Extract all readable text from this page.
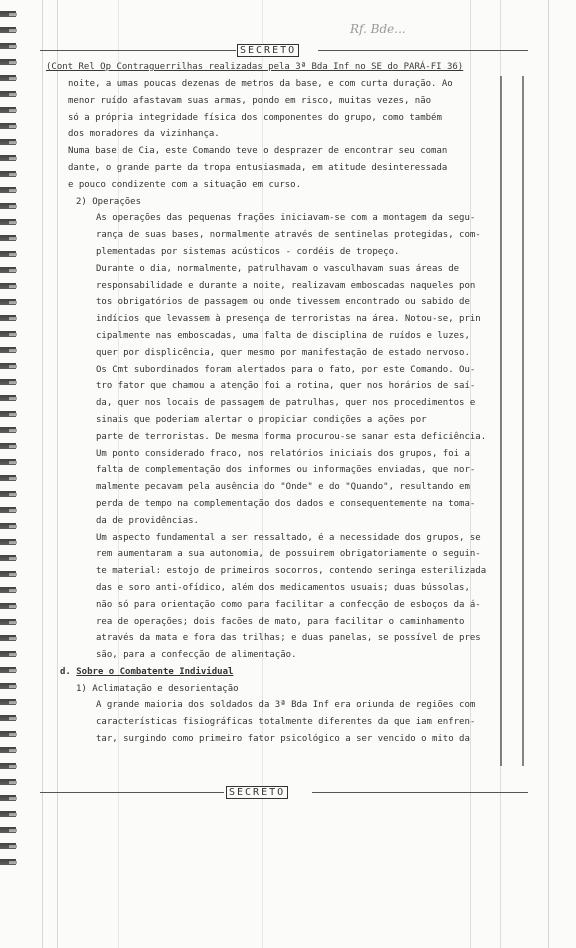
Rf. Bde...
SECRETO
(Cont Rel Op Contraguerrilhas realizadas pela 3ª Bda Inf no SE do PARÁ-FI 36)

noite, a umas poucas dezenas de metros da base, e com curta duração. Ao

menor ruído afastavam suas armas, pondo em risco, muitas vezes, não

só a própria integridade física dos componentes do grupo, como também

dos moradores da vizinhança.

Numa base de Cia, este Comando teve o desprazer de encontrar seu coman

dante, o grande parte da tropa entusiasmada, em atitude desinteressada

e pouco condizente com a situação em curso.

2) Operações

As operações das pequenas frações iniciavam-se com a montagem da segu-

rança de suas bases, normalmente através de sentinelas protegidas, com-

plementadas por sistemas acústicos - cordéis de tropeço.

Durante o dia, normalmente, patrulhavam o vasculhavam suas áreas de

responsabilidade e durante a noite, realizavam emboscadas naqueles pon

tos obrigatórios de passagem ou onde tivessem encontrado ou sabido de

indícios que levassem à presença de terroristas na área. Notou-se, prin

cipalmente nas emboscadas, uma falta de disciplina de ruídos e luzes,

quer por displicência, quer mesmo por manifestação de estado nervoso.

Os Cmt subordinados foram alertados para o fato, por este Comando. Ou-

tro fator que chamou a atenção foi a rotina, quer nos horários de saí-

da, quer nos locais de passagem de patrulhas, quer nos procedimentos e

sinais que poderiam alertar o propiciar condições a ações por

parte de terroristas. De mesma forma procurou-se sanar esta deficiência.

Um ponto considerado fraco, nos relatórios iniciais dos grupos, foi a

falta de complementação dos informes ou informações enviadas, que nor-

malmente pecavam pela ausência do "Onde" e do "Quando", resultando em

perda de tempo na complementação dos dados e consequentemente na toma-

da de providências.

Um aspecto fundamental a ser ressaltado, é a necessidade dos grupos, se

rem aumentaram a sua autonomia, de possuirem obrigatoriamente o seguin-

te material: estojo de primeiros socorros, contendo seringa esterilizada

das e soro anti-ofídico, além dos medicamentos usuais; duas bússolas,

não só para orientação como para facilitar a confecção de esboços da á-

rea de operações; dois facões de mato, para facilitar o caminhamento

através da mata e fora das trilhas; e duas panelas, se possível de pres

são, para a confecção de alimentação.

d. Sobre o Combatente Individual

1) Aclimatação e desorientação

A grande maioria dos soldados da 3ª Bda Inf era oriunda de regiões com

características fisiográficas totalmente diferentes da que iam enfren-

tar, surgindo como primeiro fator psicológico a ser vencido o mito da

SECRETO
